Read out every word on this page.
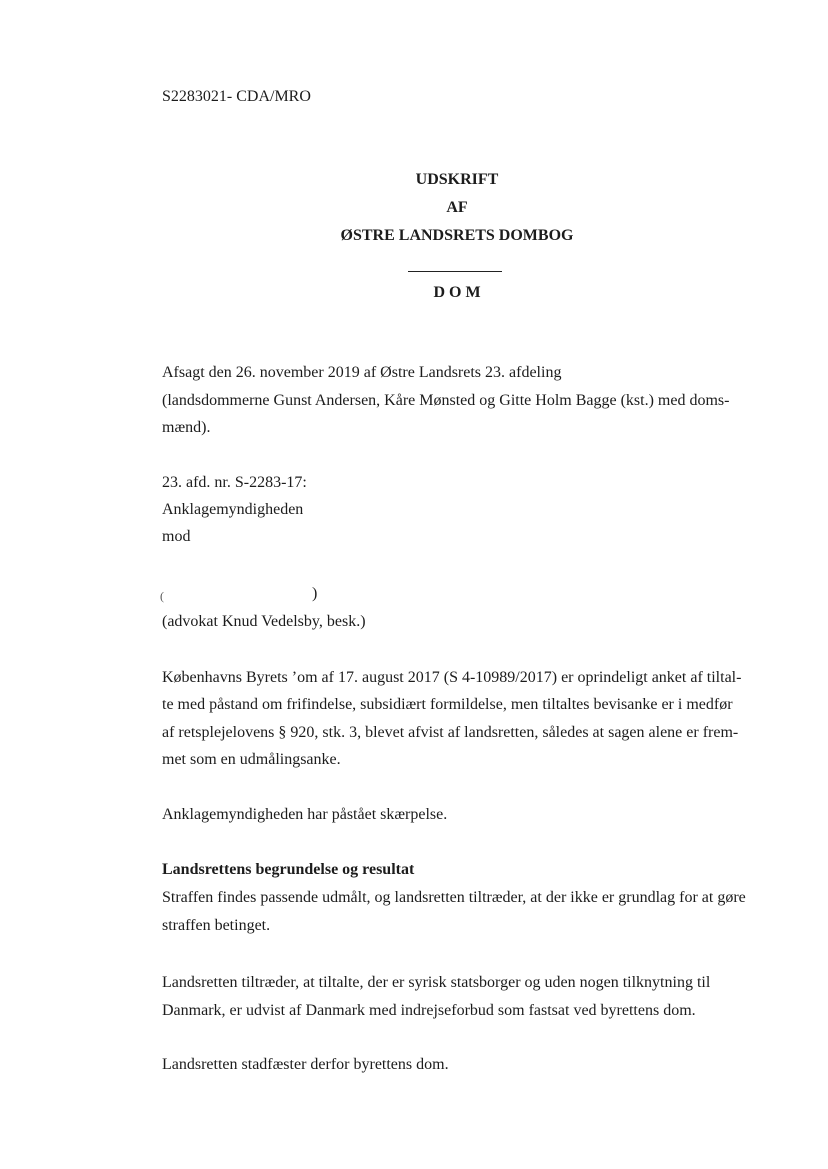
S2283021- CDA/MRO
UDSKRIFT
AF
ØSTRE LANDSRETS DOMBOG
D O M
Afsagt den 26. november 2019 af Østre Landsrets 23. afdeling
(landsdommerne Gunst Andersen, Kåre Mønsted og Gitte Holm Bagge (kst.) med doms-
mænd).
23. afd. nr. S-2283-17:
Anklagemyndigheden
mod
(	)
(advokat Knud Vedelsby, besk.)
Københavns Byrets ’om af 17. august 2017 (S 4-10989/2017) er oprindeligt anket af tiltal-
te med påstand om frifindelse, subsidiært formildelse, men tiltaltes bevisanke er i medfør
af retsplejelovens § 920, stk. 3, blevet afvist af landsretten, således at sagen alene er frem-
met som en udmålingsanke.
Anklagemyndigheden har påstået skærpelse.
Landsrettens begrundelse og resultat
Straffen findes passende udmålt, og landsretten tiltræder, at der ikke er grundlag for at gøre
straffen betinget.
Landsretten tiltræder, at tiltalte, der er syrisk statsborger og uden nogen tilknytning til
Danmark, er udvist af Danmark med indrejseforbud som fastsat ved byrettens dom.
Landsretten stadfæster derfor byrettens dom.
